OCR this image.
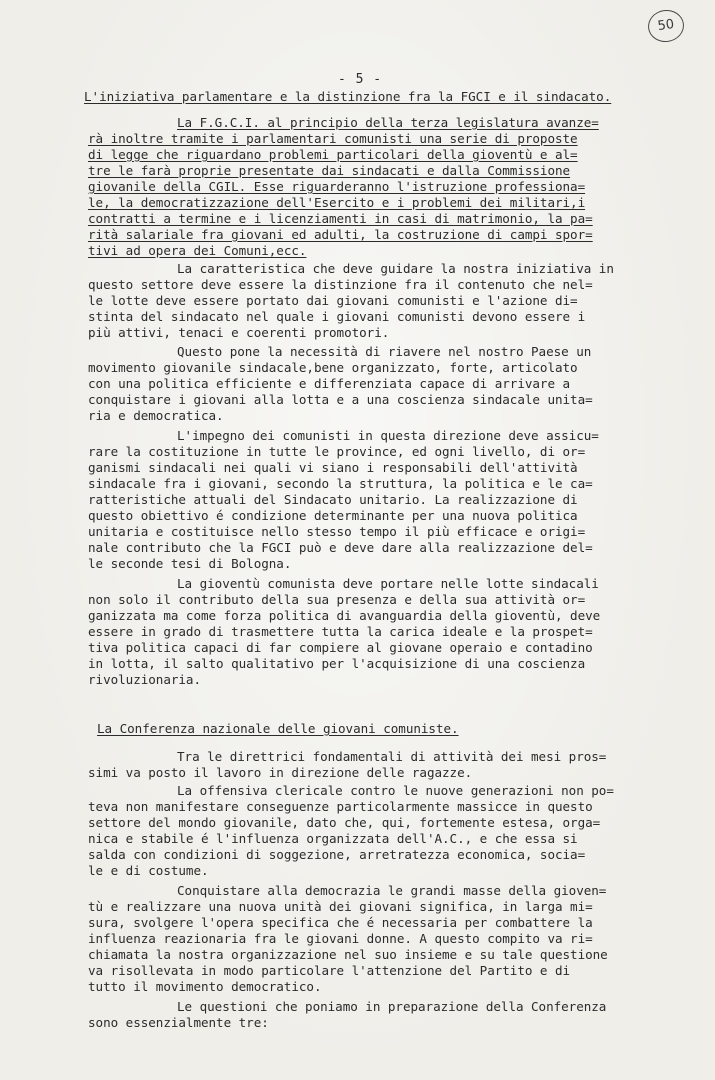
50
- 5 -
L'iniziativa parlamentare e la distinzione fra la FGCI e il sindacato.
La F.G.C.I. al principio della terza legislatura avanze=
rà inoltre tramite i parlamentari comunisti una serie di proposte
di legge che riguardano problemi particolari della gioventù e al=
tre le farà proprie presentate dai sindacati e dalla Commissione
giovanile della CGIL. Esse riguarderanno l'istruzione professiona=
le, la democratizzazione dell'Esercito e i problemi dei militari,i
contratti a termine e i licenziamenti in casi di matrimonio, la pa=
rità salariale fra giovani ed adulti, la costruzione di campi spor=
tivi ad opera dei Comuni,ecc.
La caratteristica che deve guidare la nostra iniziativa in
questo settore deve essere la distinzione fra il contenuto che nel=
le lotte deve essere portato dai giovani comunisti e l'azione di=
stinta del sindacato nel quale i giovani comunisti devono essere i
più attivi, tenaci e coerenti promotori.
Questo pone la necessità di riavere nel nostro Paese un
movimento giovanile sindacale,bene organizzato, forte, articolato
con una politica efficiente e differenziata capace di arrivare a
conquistare i giovani alla lotta e a una coscienza sindacale unita=
ria e democratica.
L'impegno dei comunisti in questa direzione deve assicu=
rare la costituzione in tutte le province, ed ogni livello, di or=
ganismi sindacali nei quali vi siano i responsabili dell'attività
sindacale fra i giovani, secondo la struttura, la politica e le ca=
ratteristiche attuali del Sindacato unitario. La realizzazione di
questo obiettivo é condizione determinante per una nuova politica
unitaria e costituisce nello stesso tempo il più efficace e origi=
nale contributo che la FGCI può e deve dare alla realizzazione del=
le seconde tesi di Bologna.
La gioventù comunista deve portare nelle lotte sindacali
non solo il contributo della sua presenza e della sua attività or=
ganizzata ma come forza politica di avanguardia della gioventù, deve
essere in grado di trasmettere tutta la carica ideale e la prospet=
tiva politica capaci di far compiere al giovane operaio e contadino
in lotta, il salto qualitativo per l'acquisizione di una coscienza
rivoluzionaria.
La Conferenza nazionale delle giovani comuniste.
Tra le direttrici fondamentali di attività dei mesi pros=
simi va posto il lavoro in direzione delle ragazze.
La offensiva clericale contro le nuove generazioni non po=
teva non manifestare conseguenze particolarmente massicce in questo
settore del mondo giovanile, dato che, qui, fortemente estesa, orga=
nica e stabile é l'influenza organizzata dell'A.C., e che essa si
salda con condizioni di soggezione, arretratezza economica, socia=
le e di costume.
Conquistare alla democrazia le grandi masse della gioven=
tù e realizzare una nuova unità dei giovani significa, in larga mi=
sura, svolgere l'opera specifica che é necessaria per combattere la
influenza reazionaria fra le giovani donne. A questo compito va ri=
chiamata la nostra organizzazione nel suo insieme e su tale questione
va risollevata in modo particolare l'attenzione del Partito e di
tutto il movimento democratico.
Le questioni che poniamo in preparazione della Conferenza
sono essenzialmente tre:
